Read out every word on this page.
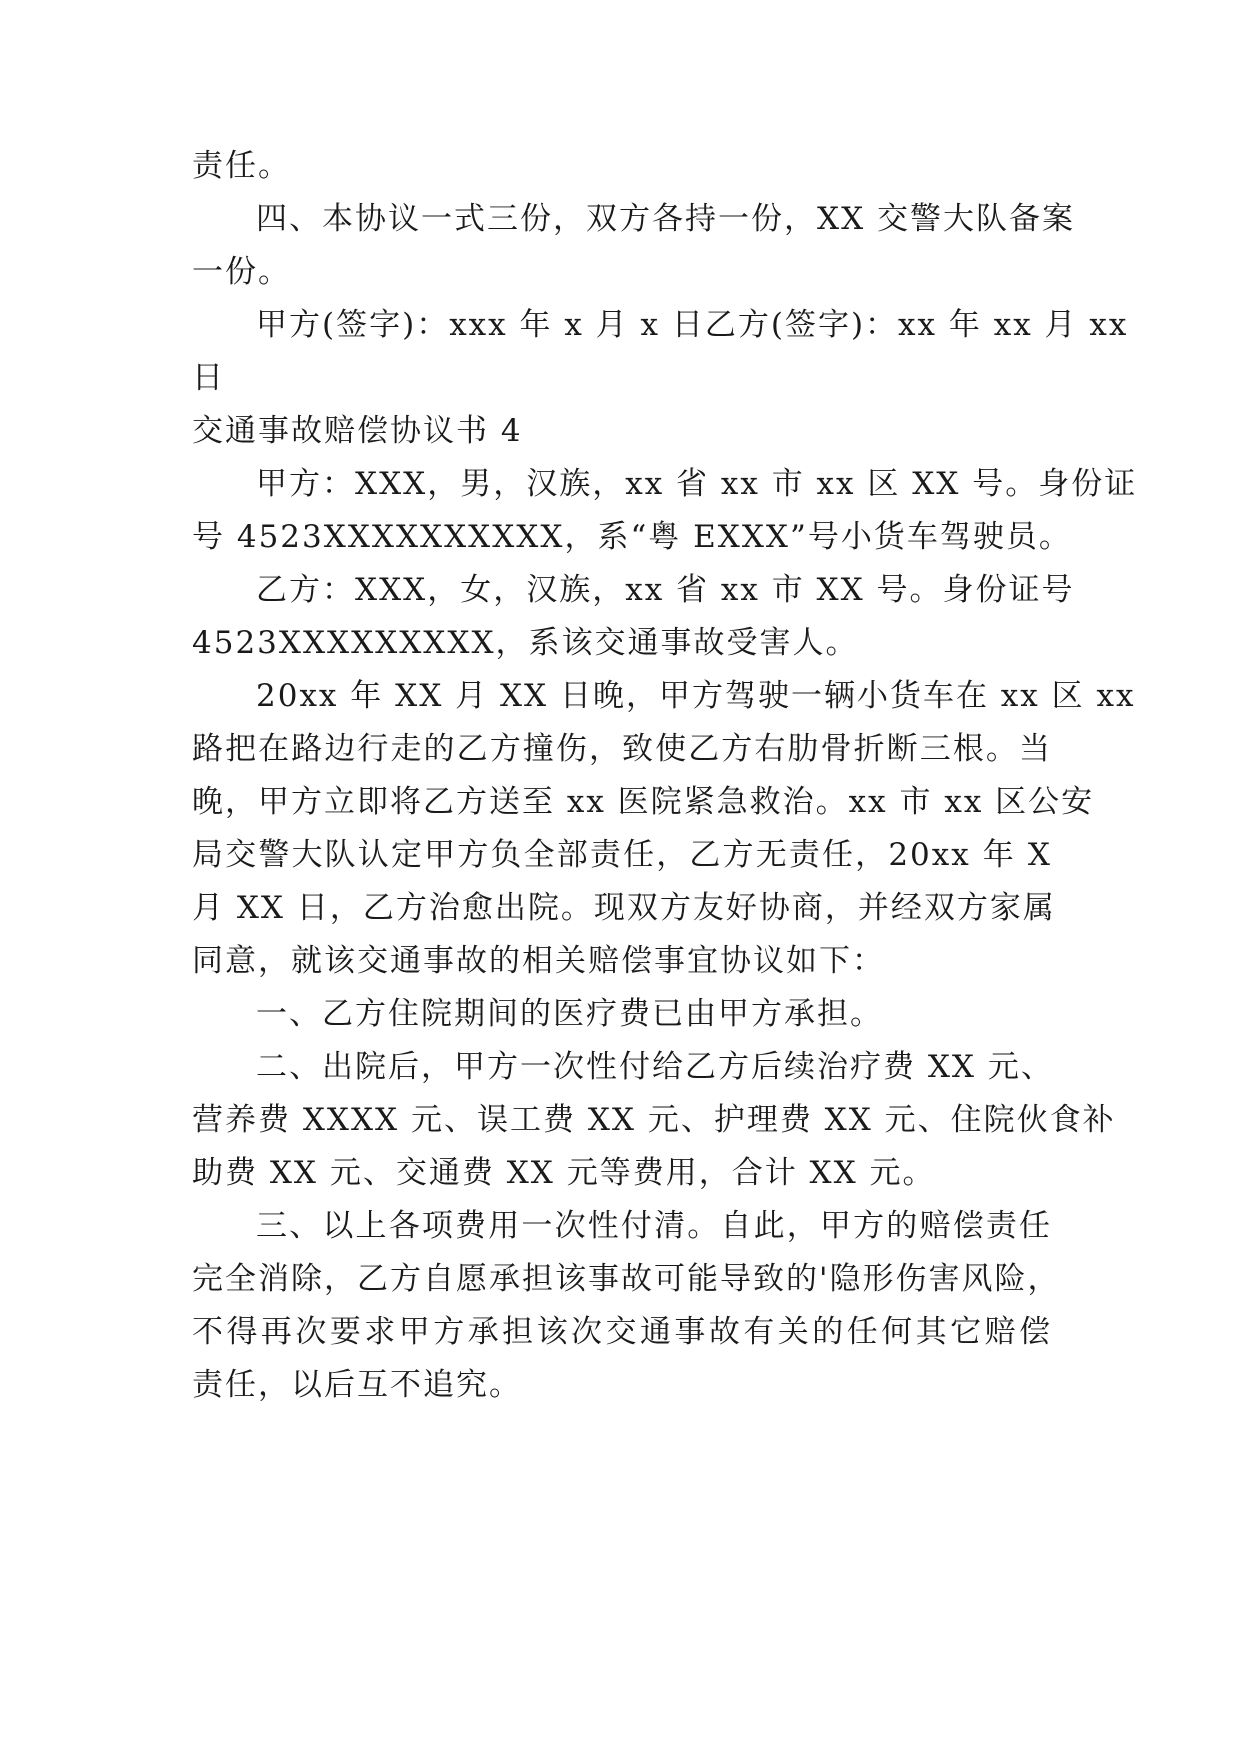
责任。
四、本协议一式三份，双方各持一份，XX 交警大队备案
一份。
甲方(签字)：xxx 年 x 月 x 日乙方(签字)：xx 年 xx 月 xx
日
交通事故赔偿协议书 4
甲方：XXX，男，汉族，xx 省 xx 市 xx 区 XX 号。身份证
号 4523XXXXXXXXXX，系“粤 EXXX”号小货车驾驶员。
乙方：XXX，女，汉族，xx 省 xx 市 XX 号。身份证号
4523XXXXXXXXX，系该交通事故受害人。
20xx 年 XX 月 XX 日晚，甲方驾驶一辆小货车在 xx 区 xx
路把在路边行走的乙方撞伤，致使乙方右肋骨折断三根。当
晚，甲方立即将乙方送至 xx 医院紧急救治。xx 市 xx 区公安
局交警大队认定甲方负全部责任，乙方无责任，20xx 年 X
月 XX 日，乙方治愈出院。现双方友好协商，并经双方家属
同意，就该交通事故的相关赔偿事宜协议如下：
一、乙方住院期间的医疗费已由甲方承担。
二、出院后，甲方一次性付给乙方后续治疗费 XX 元、
营养费 XXXX 元、误工费 XX 元、护理费 XX 元、住院伙食补
助费 XX 元、交通费 XX 元等费用，合计 XX 元。
三、以上各项费用一次性付清。自此，甲方的赔偿责任
完全消除，乙方自愿承担该事故可能导致的'隐形伤害风险，
不得再次要求甲方承担该次交通事故有关的任何其它赔偿
责任，以后互不追究。
